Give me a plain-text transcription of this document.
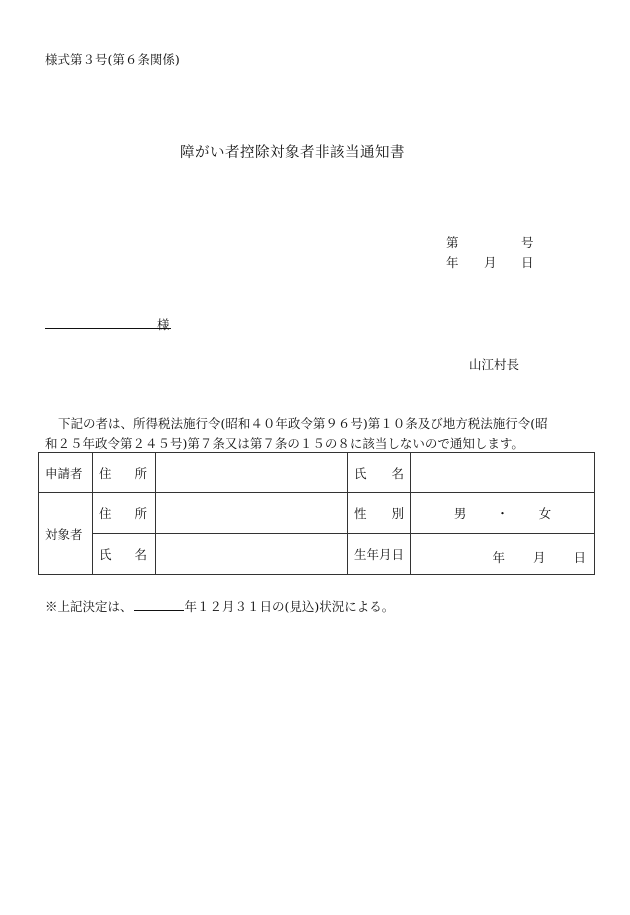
様式第３号(第６条関係)
障がい者控除対象者非該当通知書
第	号
年 月 日
様
山江村長
下記の者は、所得税法施行令(昭和４０年政令第９６号)第１０条及び地方税法施行令(昭和２５年政令第２４５号)第７条又は第７条の１５の８に該当しないので通知します。
申請者	住 所		氏 名	

対象者	住 所		性 別	男 ・ 女

	氏 名		生年月日	年 月 日
※上記決定は、	年１２月３１日の(見込)状況による。
